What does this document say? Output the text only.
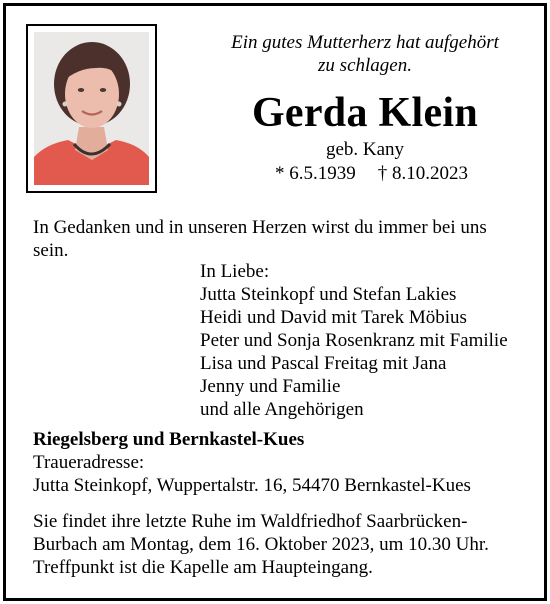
Ein gutes Mutterherz hat aufgehört
zu schlagen.
Gerda Klein
geb. Kany
* 6.5.1939 † 8.10.2023
In Gedanken und in unseren Herzen wirst du immer bei uns sein.
In Liebe:
Jutta Steinkopf und Stefan Lakies
Heidi und David mit Tarek Möbius
Peter und Sonja Rosenkranz mit Familie
Lisa und Pascal Freitag mit Jana
Jenny und Familie
und alle Angehörigen
Riegelsberg und Bernkastel-Kues
Traueradresse:
Jutta Steinkopf, Wuppertalstr. 16, 54470 Bernkastel-Kues
Sie findet ihre letzte Ruhe im Waldfriedhof Saarbrücken-Burbach am Montag, dem 16. Oktober 2023, um 10.30 Uhr. Treffpunkt ist die Kapelle am Haupteingang.
